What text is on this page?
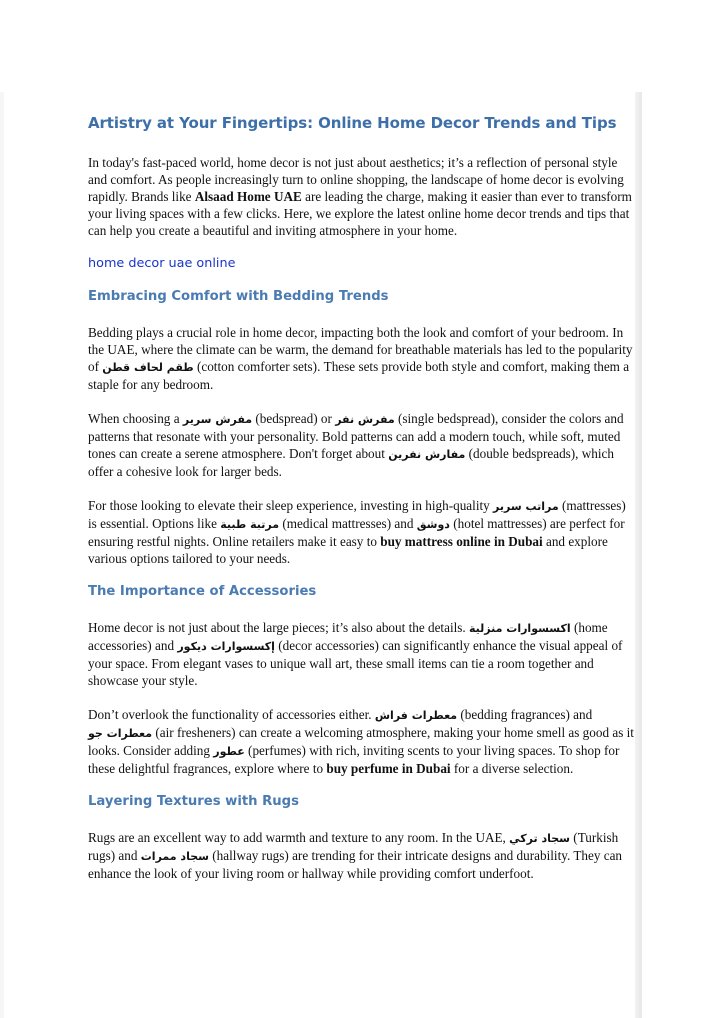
Artistry at Your Fingertips: Online Home Decor Trends and Tips

In today's fast-paced world, home decor is not just about aesthetics; it’s a reflection of personal style and comfort. As people increasingly turn to online shopping, the landscape of home decor is evolving rapidly. Brands like Alsaad Home UAE are leading the charge, making it easier than ever to transform your living spaces with a few clicks. Here, we explore the latest online home decor trends and tips that can help you create a beautiful and inviting atmosphere in your home.

home decor uae online
Embracing Comfort with Bedding Trends

Bedding plays a crucial role in home decor, impacting both the look and comfort of your bedroom. In the UAE, where the climate can be warm, the demand for breathable materials has led to the popularity of طقم لحاف قطن (cotton comforter sets). These sets provide both style and comfort, making them a staple for any bedroom.

When choosing a مفرش سرير (bedspread) or مفرش نفر (single bedspread), consider the colors and patterns that resonate with your personality. Bold patterns can add a modern touch, while soft, muted tones can create a serene atmosphere. Don't forget about مفارش نفرين (double bedspreads), which offer a cohesive look for larger beds.

For those looking to elevate their sleep experience, investing in high-quality مراتب سرير (mattresses) is essential. Options like مرتبة طبية (medical mattresses) and دوشق (hotel mattresses) are perfect for ensuring restful nights. Online retailers make it easy to buy mattress online in Dubai and explore various options tailored to your needs.

The Importance of Accessories

Home decor is not just about the large pieces; it’s also about the details. اكسسوارات منزلية (home accessories) and إكسسوارات ديكور (decor accessories) can significantly enhance the visual appeal of your space. From elegant vases to unique wall art, these small items can tie a room together and showcase your style.

Don’t overlook the functionality of accessories either. معطرات فراش (bedding fragrances) and معطرات جو (air fresheners) can create a welcoming atmosphere, making your home smell as good as it looks. Consider adding عطور (perfumes) with rich, inviting scents to your living spaces. To shop for these delightful fragrances, explore where to buy perfume in Dubai for a diverse selection.

Layering Textures with Rugs

Rugs are an excellent way to add warmth and texture to any room. In the UAE, سجاد تركي (Turkish rugs) and سجاد ممرات (hallway rugs) are trending for their intricate designs and durability. They can enhance the look of your living room or hallway while providing comfort underfoot.
